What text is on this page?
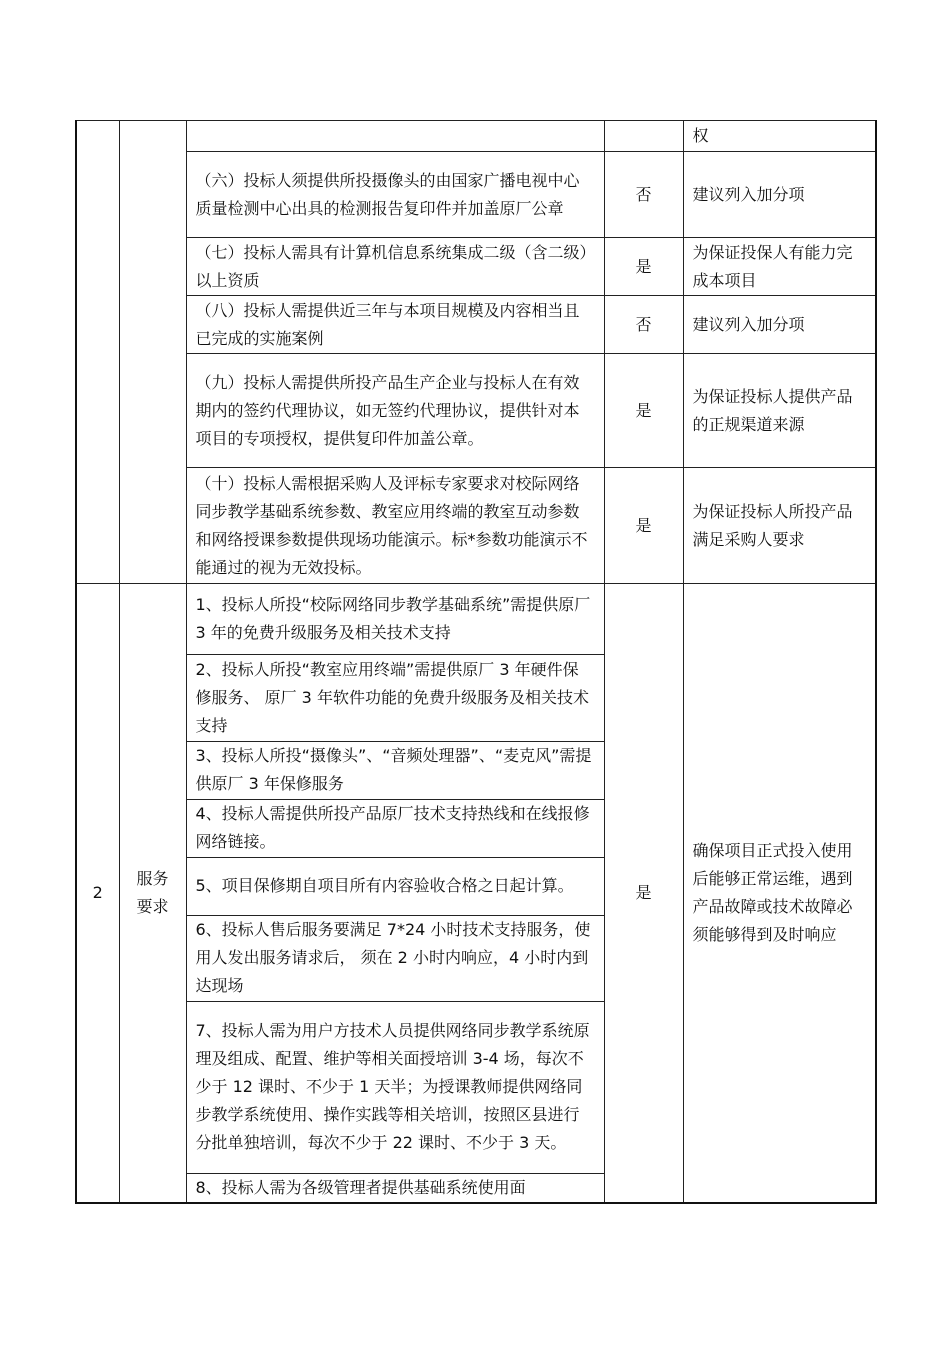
				权
		（六）投标人须提供所投摄像头的由国家广播电视中心质量检测中心出具的检测报告复印件并加盖原厂公章	否	建议列入加分项
		（七）投标人需具有计算机信息系统集成二级（含二级）以上资质	是	为保证投保人有能力完成本项目
		（八）投标人需提供近三年与本项目规模及内容相当且已完成的实施案例	否	建议列入加分项
		（九）投标人需提供所投产品生产企业与投标人在有效期内的签约代理协议，如无签约代理协议，提供针对本项目的专项授权，提供复印件加盖公章。	是	为保证投标人提供产品的正规渠道来源
		（十）投标人需根据采购人及评标专家要求对校际网络同步教学基础系统参数、教室应用终端的教室互动参数和网络授课参数提供现场功能演示。标*参数功能演示不能通过的视为无效投标。	是	为保证投标人所投产品满足采购人要求
2	服务要求	1、投标人所投“校际网络同步教学基础系统”需提供原厂 3 年的免费升级服务及相关技术支持	是	确保项目正式投入使用后能够正常运维，遇到产品故障或技术故障必须能够得到及时响应
		2、投标人所投“教室应用终端”需提供原厂 3 年硬件保修服务、 原厂 3 年软件功能的免费升级服务及相关技术支持		
		3、投标人所投“摄像头”、“音频处理器”、“麦克风”需提供原厂 3 年保修服务		
		4、投标人需提供所投产品原厂技术支持热线和在线报修网络链接。		
		5、项目保修期自项目所有内容验收合格之日起计算。		
		6、投标人售后服务要满足 7*24 小时技术支持服务，使用人发出服务请求后， 须在 2 小时内响应，4 小时内到达现场		
		7、投标人需为用户方技术人员提供网络同步教学系统原理及组成、配置、维护等相关面授培训 3-4 场，每次不少于 12 课时、不少于 1 天半；为授课教师提供网络同步教学系统使用、操作实践等相关培训，按照区县进行分批单独培训，每次不少于 22 课时、不少于 3 天。		
		8、投标人需为各级管理者提供基础系统使用面		
